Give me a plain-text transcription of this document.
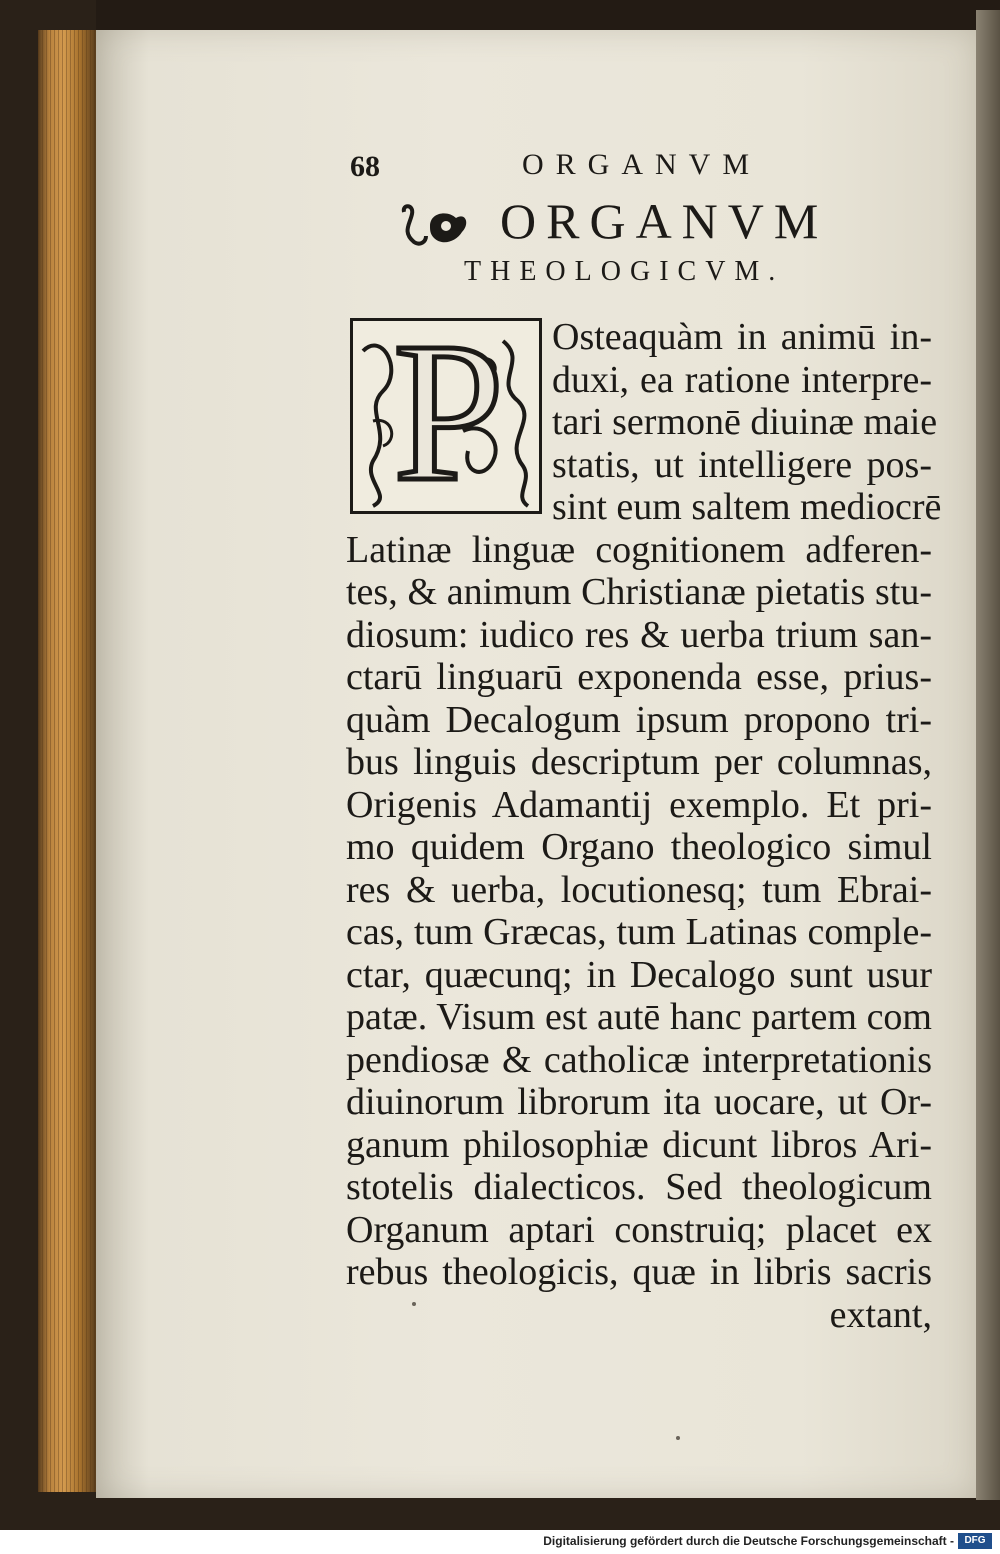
68	ORGANVM
ORGANVM
THEOLOGICVM.
P Osteaquàm in animū in-
duxi, ea ratione interpre-
tari sermonē diuinæ maie
statis, ut intelligere pos-
sint eum saltem mediocrē
Latinæ linguæ cognitionem adferen-
tes, & animum Christianæ pietatis stu-
diosum: iudico res & uerba trium san-
ctarū linguarū exponenda esse, prius-
quàm Decalogum ipsum propono tri-
bus linguis descriptum per columnas,
Origenis Adamantij exemplo. Et pri-
mo quidem Organo theologico simul
res & uerba, locutionesq; tum Ebrai-
cas, tum Græcas, tum Latinas comple-
ctar, quæcunq; in Decalogo sunt usur
patæ. Visum est autē hanc partem com
pendiosæ & catholicæ interpretationis
diuinorum librorum ita uocare, ut Or-
ganum philosophiæ dicunt libros Ari-
stotelis dialecticos. Sed theologicum
Organum aptari construiq; placet ex
rebus theologicis, quæ in libris sacris
extant,
Digitalisierung gefördert durch die Deutsche Forschungsgemeinschaft -	DFG
